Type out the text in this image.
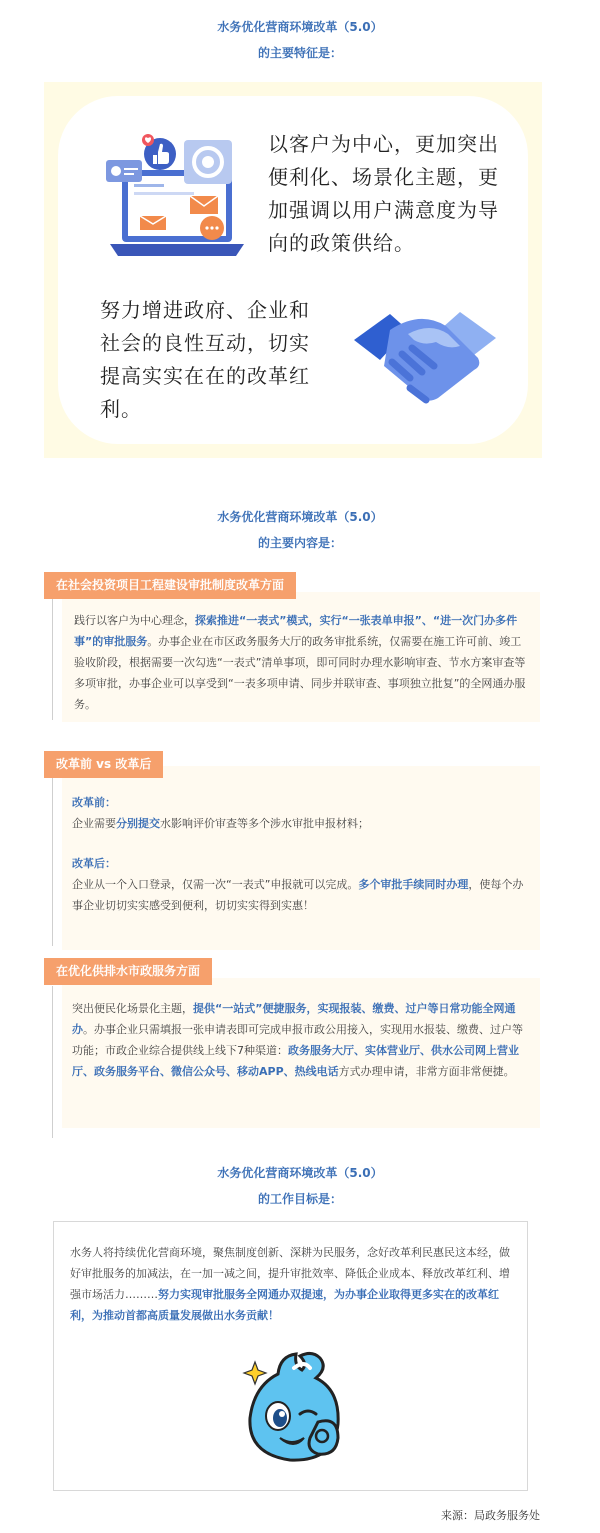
水务优化营商环境改革（5.0）
的主要特征是：
以客户为中心，更加突出便利化、场景化主题，更加强调以用户满意度为导向的政策供给。
努力增进政府、企业和社会的良性互动，切实提高实实在在的改革红利。
水务优化营商环境改革（5.0）
的主要内容是：
践行以客户为中心理念，探索推进“一表式”模式，实行“一张表单申报”、“进一次门办多件事”的审批服务。办事企业在市区政务服务大厅的政务审批系统，仅需要在施工许可前、竣工验收阶段，根据需要一次勾选“一表式”清单事项，即可同时办理水影响审查、节水方案审查等多项审批，办事企业可以享受到“一表多项申请、同步并联审查、事项独立批复”的全网通办服务。
在社会投资项目工程建设审批制度改革方面
改革前：
企业需要分别提交水影响评价审查等多个涉水审批申报材料；
改革后：
企业从一个入口登录，仅需一次“一表式”申报就可以完成。多个审批手续同时办理，使每个办事企业切切实实感受到便利，切切实实得到实惠！
改革前 vs 改革后
突出便民化场景化主题，提供“一站式”便捷服务，实现报装、缴费、过户等日常功能全网通办。办事企业只需填报一张申请表即可完成申报市政公用接入，实现用水报装、缴费、过户等功能；市政企业综合提供线上线下7种渠道：政务服务大厅、实体营业厅、供水公司网上营业厅、政务服务平台、微信公众号、移动APP、热线电话方式办理申请，非常方面非常便捷。
在优化供排水市政服务方面
水务优化营商环境改革（5.0）
的工作目标是：
水务人将持续优化营商环境，聚焦制度创新、深耕为民服务，念好改革利民惠民这本经，做好审批服务的加减法，在一加一减之间，提升审批效率、降低企业成本、释放改革红利、增强市场活力………努力实现审批服务全网通办双提速，为办事企业取得更多实在的改革红利，为推动首都高质量发展做出水务贡献！
来源：局政务服务处
